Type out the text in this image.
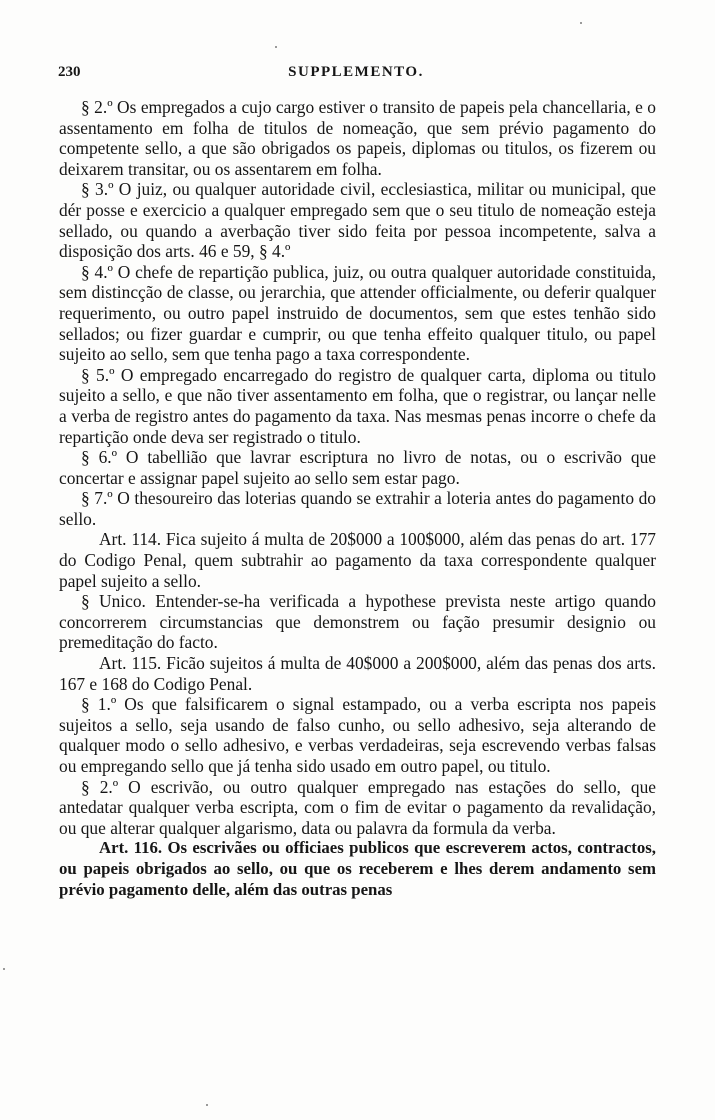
230	SUPPLEMENTO.

§ 2.º Os empregados a cujo cargo estiver o transito de papeis pela chancellaria, e o assentamento em folha de titulos de nomeação, que sem prévio pagamento do competente sello, a que são obrigados os papeis, diplomas ou titulos, os fizerem ou deixarem transitar, ou os assentarem em folha.

§ 3.º O juiz, ou qualquer autoridade civil, ecclesiastica, militar ou municipal, que dér posse e exercicio a qualquer empregado sem que o seu titulo de nomeação esteja sellado, ou quando a averbação tiver sido feita por pessoa incompetente, salva a disposição dos arts. 46 e 59, § 4.º

§ 4.º O chefe de repartição publica, juiz, ou outra qualquer autoridade constituida, sem distincção de classe, ou jerarchia, que attender officialmente, ou deferir qualquer requerimento, ou outro papel instruido de documentos, sem que estes tenhão sido sellados; ou fizer guardar e cumprir, ou que tenha effeito qualquer titulo, ou papel sujeito ao sello, sem que tenha pago a taxa correspondente.

§ 5.º O empregado encarregado do registro de qualquer carta, diploma ou titulo sujeito a sello, e que não tiver assentamento em folha, que o registrar, ou lançar nelle a verba de registro antes do pagamento da taxa. Nas mesmas penas incorre o chefe da repartição onde deva ser registrado o titulo.

§ 6.º O tabellião que lavrar escriptura no livro de notas, ou o escrivão que concertar e assignar papel sujeito ao sello sem estar pago.

§ 7.º O thesoureiro das loterias quando se extrahir a loteria antes do pagamento do sello.

Art. 114. Fica sujeito á multa de 20$000 a 100$000, além das penas do art. 177 do Codigo Penal, quem subtrahir ao pagamento da taxa correspondente qualquer papel sujeito a sello.

§ Unico. Entender-se-ha verificada a hypothese prevista neste artigo quando concorrerem circumstancias que demonstrem ou fação presumir designio ou premeditação do facto.

Art. 115. Ficão sujeitos á multa de 40$000 a 200$000, além das penas dos arts. 167 e 168 do Codigo Penal.

§ 1.º Os que falsificarem o signal estampado, ou a verba escripta nos papeis sujeitos a sello, seja usando de falso cunho, ou sello adhesivo, seja alterando de qualquer modo o sello adhesivo, e verbas verdadeiras, seja escrevendo verbas falsas ou empregando sello que já tenha sido usado em outro papel, ou titulo.

§ 2.º O escrivão, ou outro qualquer empregado nas estações do sello, que antedatar qualquer verba escripta, com o fim de evitar o pagamento da revalidação, ou que alterar qualquer algarismo, data ou palavra da formula da verba.

Art. 116. Os escrivães ou officiaes publicos que escreverem actos, contractos, ou papeis obrigados ao sello, ou que os receberem e lhes derem andamento sem prévio pagamento delle, além das outras penas
